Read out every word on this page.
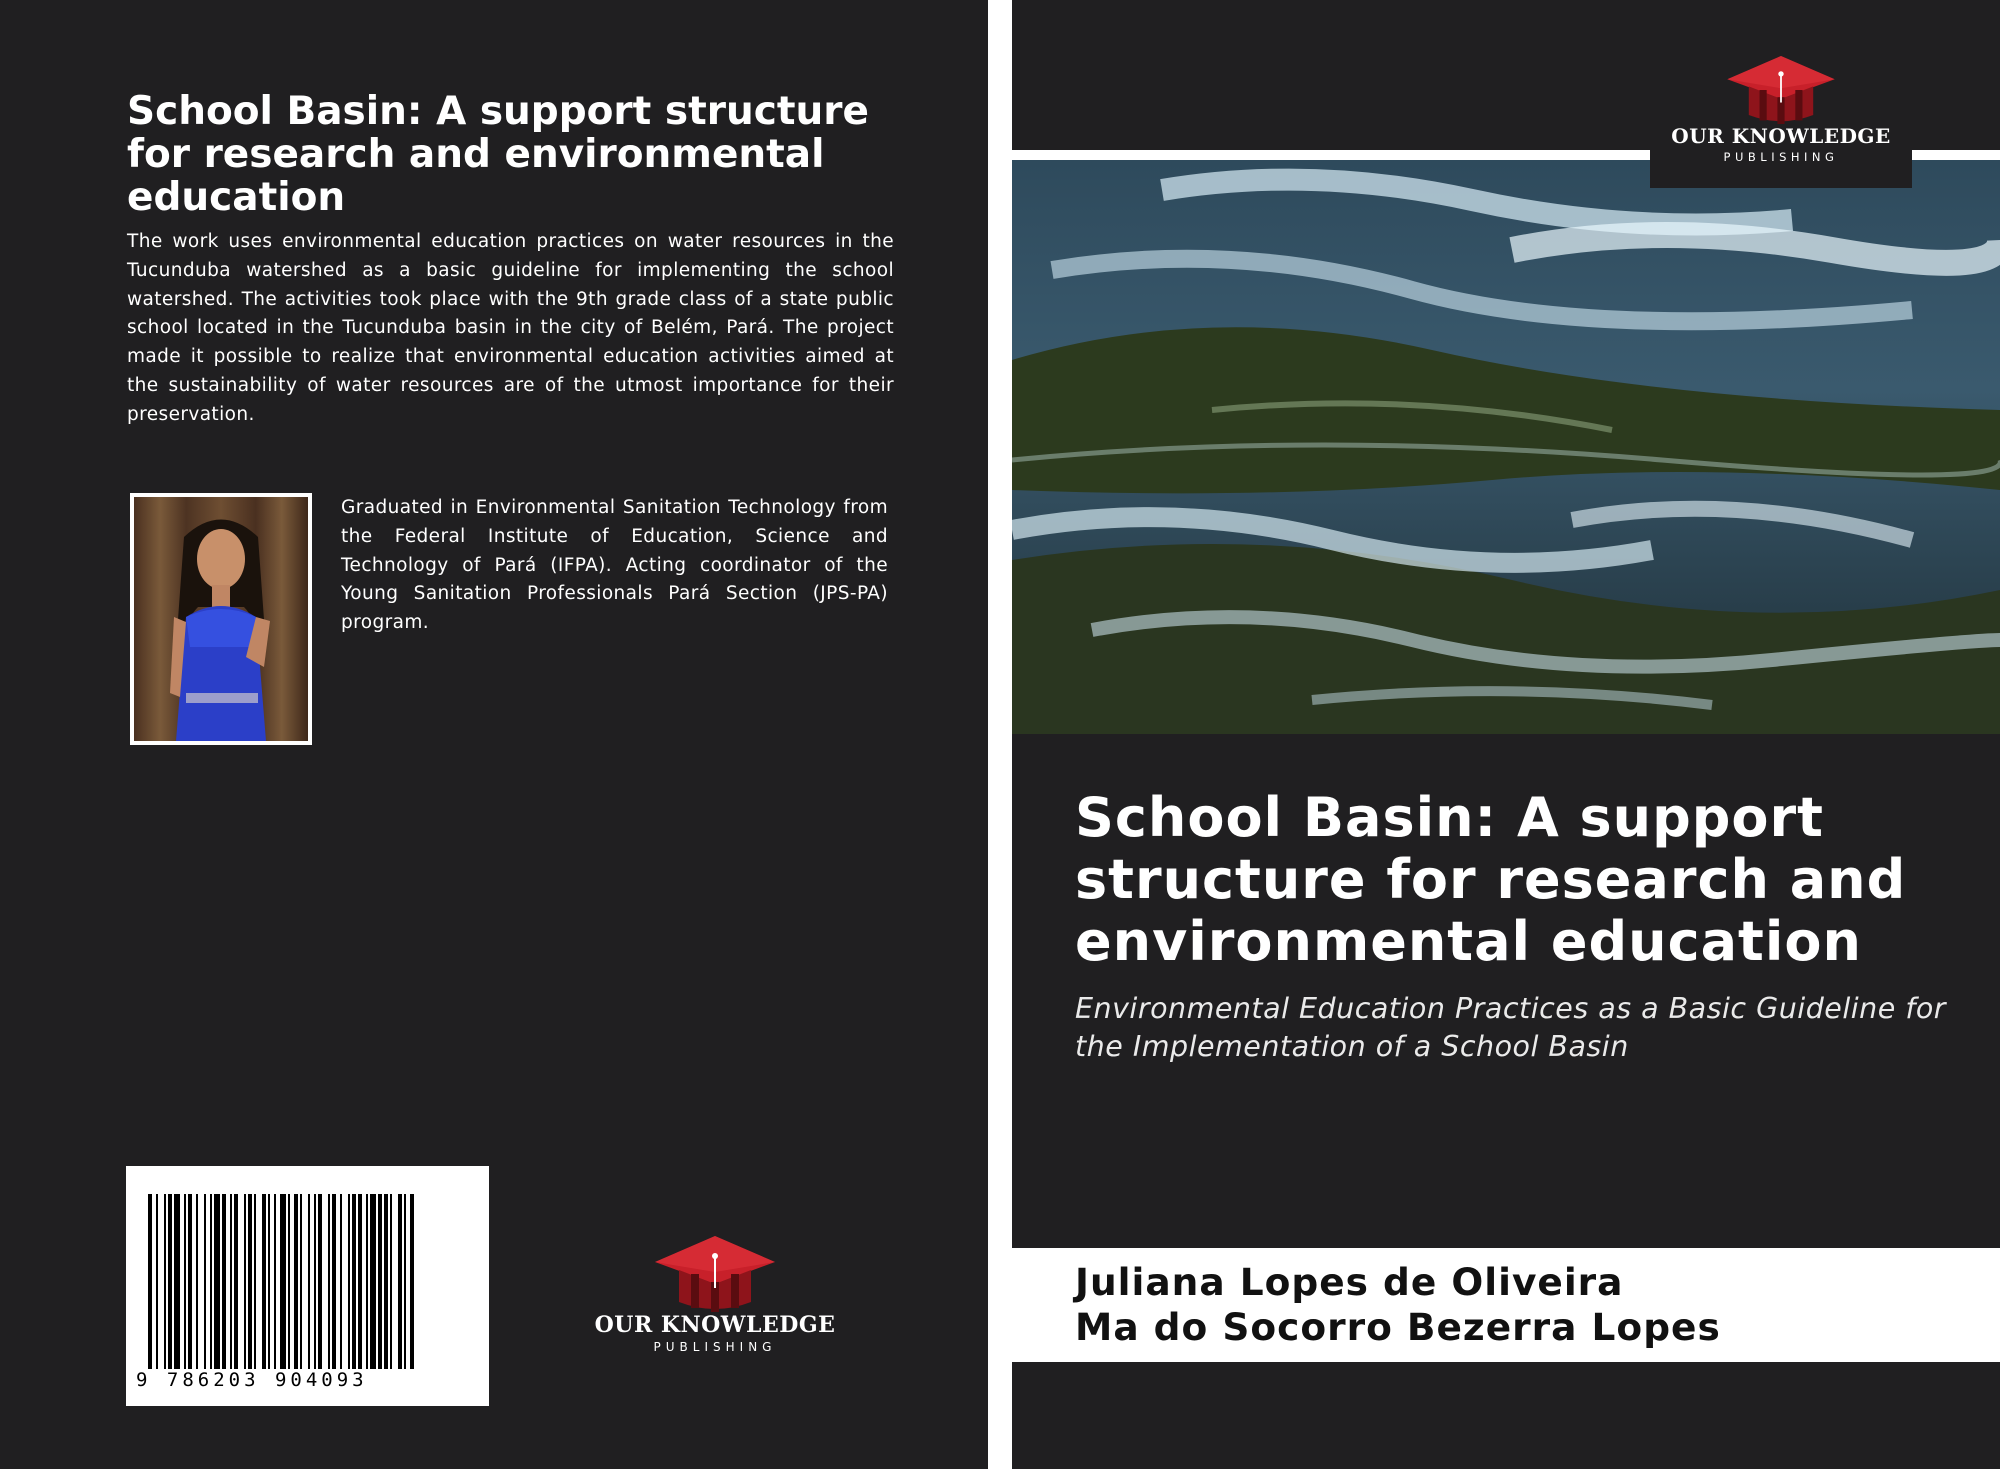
School Basin: A support structure for research and environmental education

The work uses environmental education practices on water resources in the Tucunduba watershed as a basic guideline for implementing the school watershed. The activities took place with the 9th grade class of a state public school located in the Tucunduba basin in the city of Belém, Pará. The project made it possible to realize that environmental education activities aimed at the sustainability of water resources are of the utmost importance for their preservation.

Graduated in Environmental Sanitation Technology from the Federal Institute of Education, Science and Technology of Pará (IFPA). Acting coordinator of the Young Sanitation Professionals Pará Section (JPS-PA) program.

9 786203 904093
OUR KNOWLEDGE
PUBLISHING
OUR KNOWLEDGE
PUBLISHING
School Basin: A support structure for research and environmental education

Environmental Education Practices as a Basic Guideline for the Implementation of a School Basin

Juliana Lopes de Oliveira
Ma do Socorro Bezerra Lopes
